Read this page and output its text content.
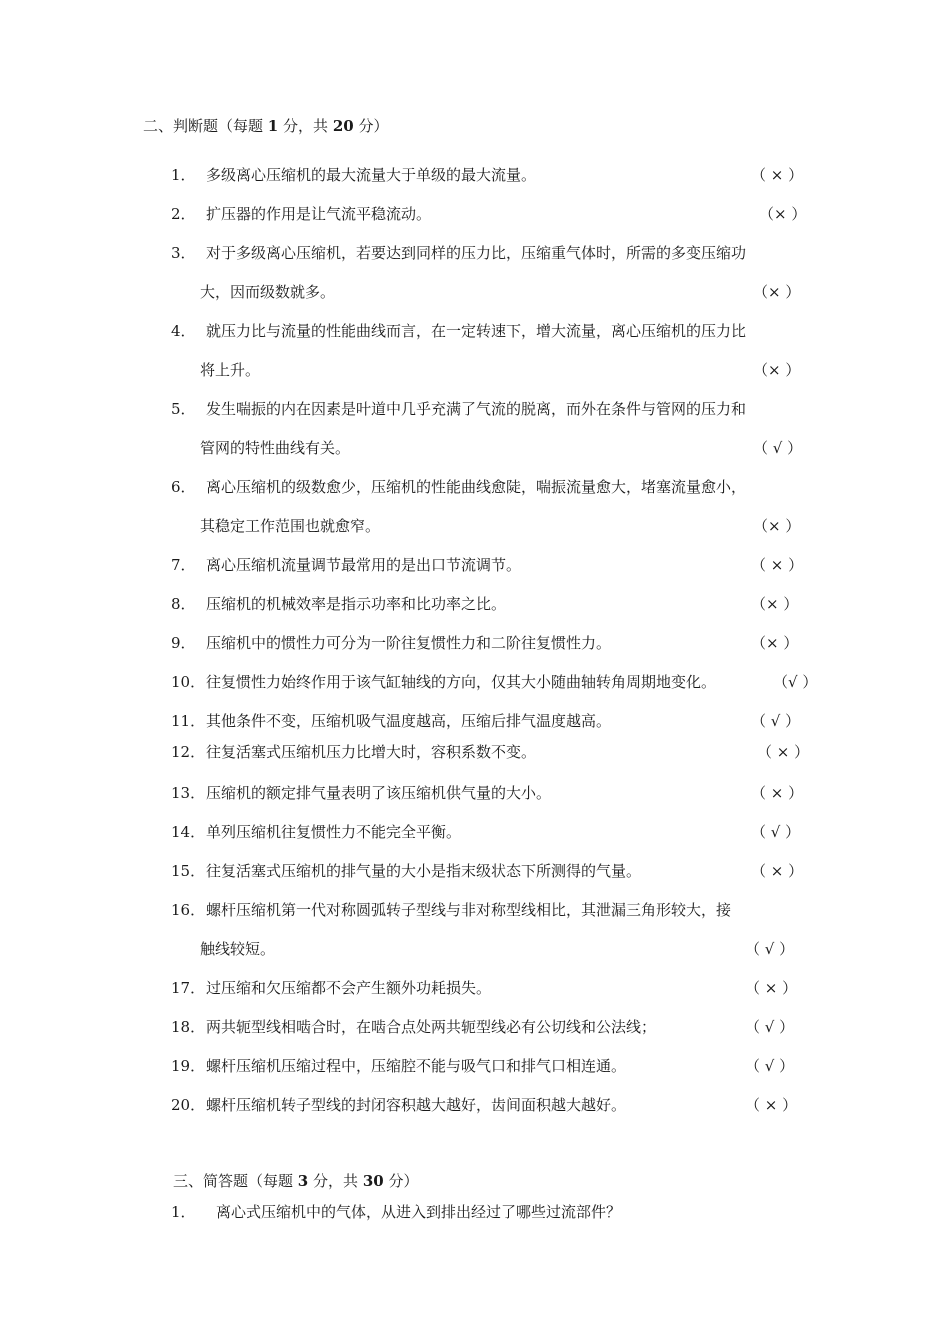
二、判断题（每题 1 分，共 20 分）
1． 多级离心压缩机的最大流量大于单级的最大流量。	（ × ）
2． 扩压器的作用是让气流平稳流动。	（× ）
3． 对于多级离心压缩机，若要达到同样的压力比，压缩重气体时，所需的多变压缩功
大，因而级数就多。	（× ）
4． 就压力比与流量的性能曲线而言，在一定转速下，增大流量，离心压缩机的压力比
将上升。	（× ）
5． 发生喘振的内在因素是叶道中几乎充满了气流的脱离，而外在条件与管网的压力和
管网的特性曲线有关。	（ √ ）
6． 离心压缩机的级数愈少，压缩机的性能曲线愈陡，喘振流量愈大，堵塞流量愈小，
其稳定工作范围也就愈窄。	（× ）
7． 离心压缩机流量调节最常用的是出口节流调节。	（ × ）
8． 压缩机的机械效率是指示功率和比功率之比。	（× ）
9． 压缩机中的惯性力可分为一阶往复惯性力和二阶往复惯性力。	（× ）
10． 往复惯性力始终作用于该气缸轴线的方向，仅其大小随曲轴转角周期地变化。	（√ ）
11． 其他条件不变，压缩机吸气温度越高，压缩后排气温度越高。	（ √ ）
12． 往复活塞式压缩机压力比增大时，容积系数不变。	（ × ）
13． 压缩机的额定排气量表明了该压缩机供气量的大小。	（ × ）
14． 单列压缩机往复惯性力不能完全平衡。	（ √ ）
15． 往复活塞式压缩机的排气量的大小是指末级状态下所测得的气量。	（ × ）
16． 螺杆压缩机第一代对称圆弧转子型线与非对称型线相比，其泄漏三角形较大，接
触线较短。	（ √ ）
17． 过压缩和欠压缩都不会产生额外功耗损失。	（ × ）
18． 两共轭型线相啮合时，在啮合点处两共轭型线必有公切线和公法线；	（ √ ）
19． 螺杆压缩机压缩过程中，压缩腔不能与吸气口和排气口相连通。	（ √ ）
20． 螺杆压缩机转子型线的封闭容积越大越好，齿间面积越大越好。	（ × ）
三、简答题（每题 3 分，共 30 分）
1． 离心式压缩机中的气体，从进入到排出经过了哪些过流部件？
